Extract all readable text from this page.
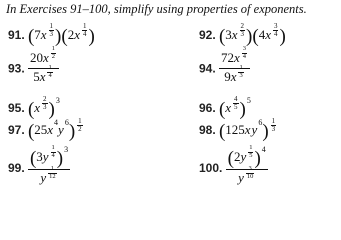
In Exercises 91–100, simplify using properties of exponents.
91. (7x $^{\frac{1}{3}}$ )(2x $^{\frac{1}{4}}$ )	92. (3x $^{\frac{2}{3}}$ )(4x $^{\frac{3}{4}}$ )
93. 20x $^{\frac{1}{2}}$
5x $^{\frac{1}{4}}$	94. 72x $^{\frac{3}{4}}$
9x $^{\frac{1}{3}}$
95. (x $^{\frac{2}{3}}$ )$^3$
96. (x $^{\frac{4}{5}}$ )$^5$
97. $(25x^4y^6)$ $^{\frac{1}{2}}$	98. $(125xy^6)$ $^{\frac{1}{3}}$
99. (3y $^{\frac{1}{4}}$ )$^3$
y $^{\frac{1}{12}}$	100. (2y $^{\frac{1}{5}}$ )$^4$
y $^{\frac{3}{10}}$
